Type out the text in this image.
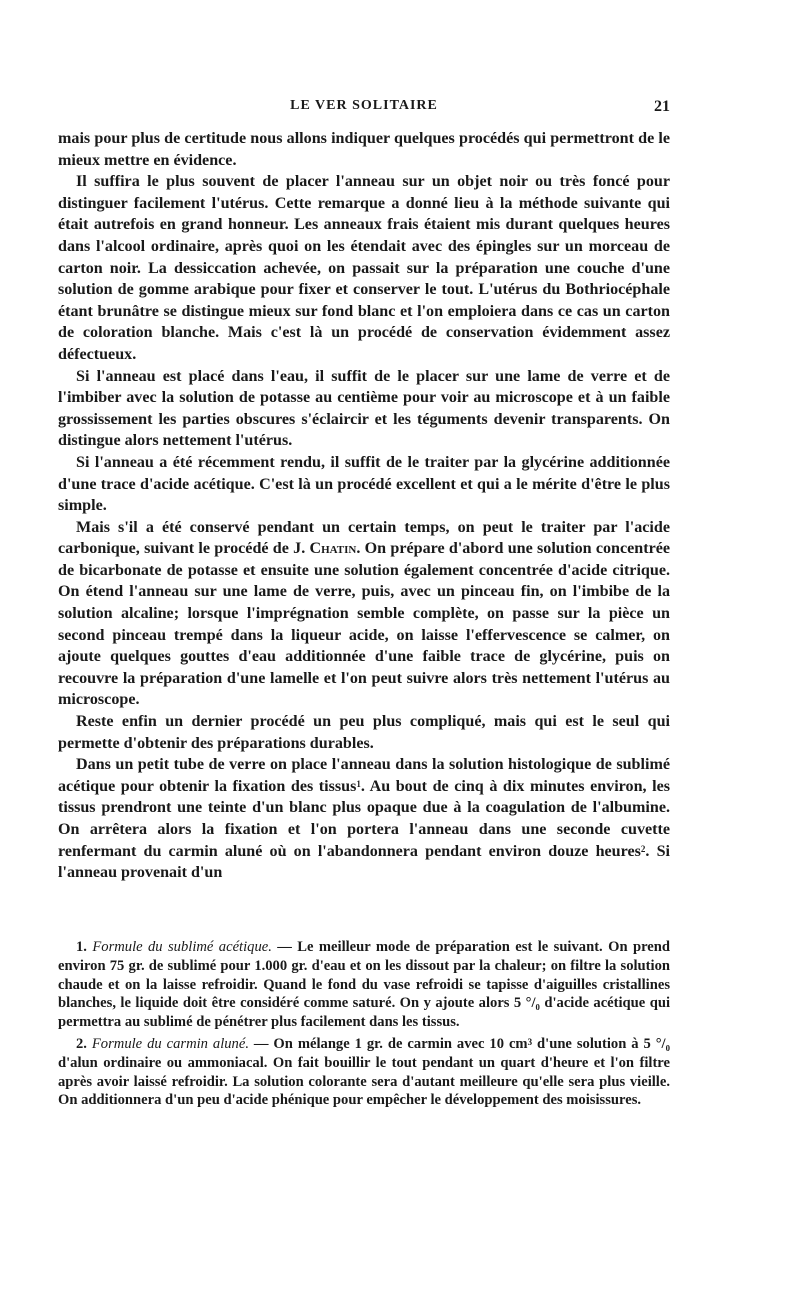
LE VER SOLITAIRE	21

mais pour plus de certitude nous allons indiquer quelques procédés qui permettront de le mieux mettre en évidence.

Il suffira le plus souvent de placer l'anneau sur un objet noir ou très foncé pour distinguer facilement l'utérus. Cette remarque a donné lieu à la méthode suivante qui était autrefois en grand honneur. Les anneaux frais étaient mis durant quelques heures dans l'alcool ordinaire, après quoi on les étendait avec des épingles sur un morceau de carton noir. La dessiccation achevée, on passait sur la préparation une couche d'une solution de gomme arabique pour fixer et conserver le tout. L'utérus du Bothriocéphale étant brunâtre se distingue mieux sur fond blanc et l'on emploiera dans ce cas un carton de coloration blanche. Mais c'est là un procédé de conservation évidemment assez défectueux.

Si l'anneau est placé dans l'eau, il suffit de le placer sur une lame de verre et de l'imbiber avec la solution de potasse au centième pour voir au microscope et à un faible grossissement les parties obscures s'éclaircir et les téguments devenir transparents. On distingue alors nettement l'utérus.

Si l'anneau a été récemment rendu, il suffit de le traiter par la glycérine additionnée d'une trace d'acide acétique. C'est là un procédé excellent et qui a le mérite d'être le plus simple.

Mais s'il a été conservé pendant un certain temps, on peut le traiter par l'acide carbonique, suivant le procédé de J. Chatin. On prépare d'abord une solution concentrée de bicarbonate de potasse et ensuite une solution également concentrée d'acide citrique. On étend l'anneau sur une lame de verre, puis, avec un pinceau fin, on l'imbibe de la solution alcaline; lorsque l'imprégnation semble complète, on passe sur la pièce un second pinceau trempé dans la liqueur acide, on laisse l'effervescence se calmer, on ajoute quelques gouttes d'eau additionnée d'une faible trace de glycérine, puis on recouvre la préparation d'une lamelle et l'on peut suivre alors très nettement l'utérus au microscope.

Reste enfin un dernier procédé un peu plus compliqué, mais qui est le seul qui permette d'obtenir des préparations durables.

Dans un petit tube de verre on place l'anneau dans la solution histologique de sublimé acétique pour obtenir la fixation des tissus$^1$. Au bout de cinq à dix minutes environ, les tissus prendront une teinte d'un blanc plus opaque due à la coagulation de l'albumine. On arrêtera alors la fixation et l'on portera l'anneau dans une seconde cuvette renfermant du carmin aluné où on l'abandonnera pendant environ douze heures$^2$. Si l'anneau provenait d'un

1. Formule du sublimé acétique. — Le meilleur mode de préparation est le suivant. On prend environ 75 gr. de sublimé pour 1.000 gr. d'eau et on les dissout par la chaleur; on filtre la solution chaude et on la laisse refroidir. Quand le fond du vase refroidi se tapisse d'aiguilles cristallines blanches, le liquide doit être considéré comme saturé. On y ajoute alors 5 °/₀ d'acide acétique qui permettra au sublimé de pénétrer plus facilement dans les tissus.

2. Formule du carmin aluné. — On mélange 1 gr. de carmin avec 10 $cm^3$ d'une solution à 5 °/₀ d'alun ordinaire ou ammoniacal. On fait bouillir le tout pendant un quart d'heure et l'on filtre après avoir laissé refroidir. La solution colorante sera d'autant meilleure qu'elle sera plus vieille. On additionnera d'un peu d'acide phénique pour empêcher le développement des moisissures.
